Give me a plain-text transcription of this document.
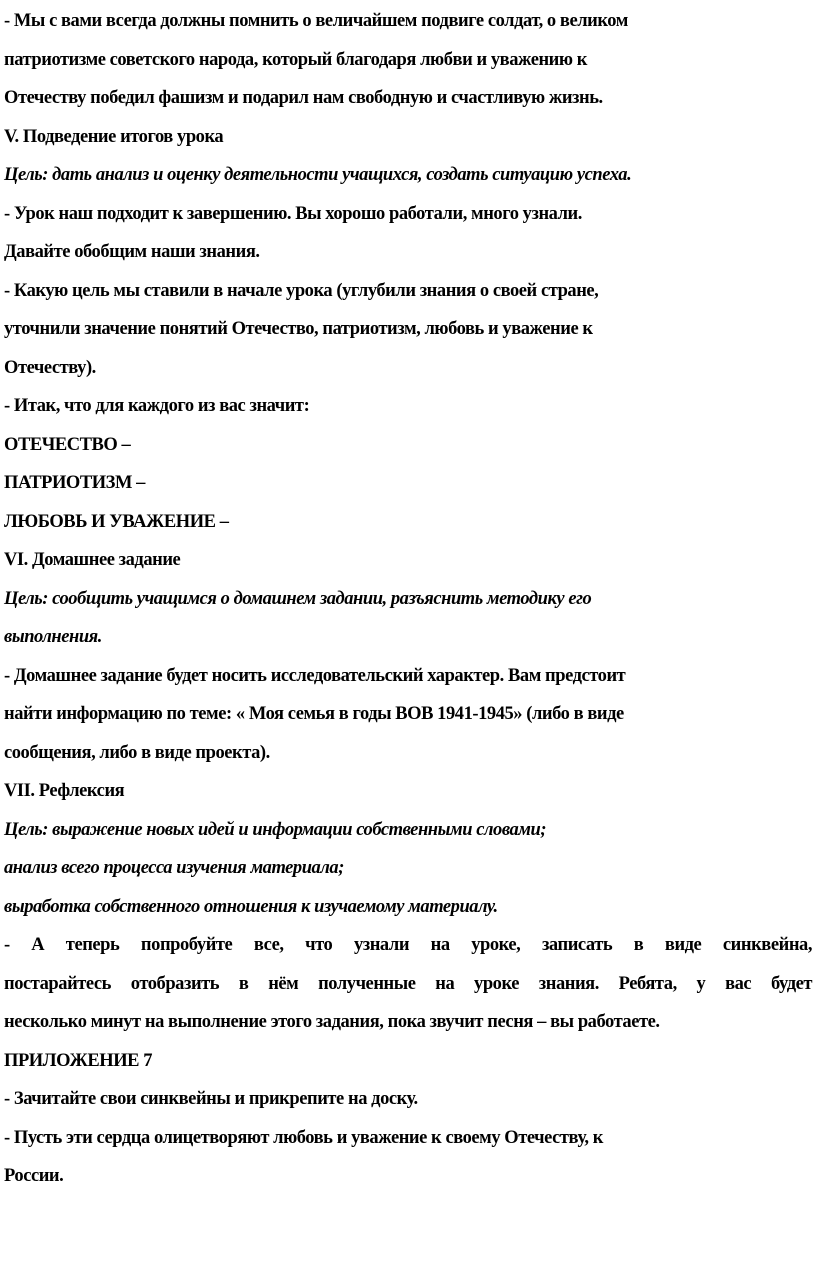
- Мы с вами всегда должны помнить о величайшем подвиге солдат, о великом
патриотизме советского народа, который благодаря любви и уважению к
Отечеству победил фашизм и подарил нам свободную и счастливую жизнь.
V. Подведение итогов урока
Цель: дать анализ и оценку деятельности учащихся, создать ситуацию успеха.
- Урок наш подходит к завершению. Вы хорошо работали, много узнали.
Давайте обобщим наши знания.
- Какую цель мы ставили в начале урока (углубили знания о своей стране,
уточнили значение понятий Отечество, патриотизм, любовь и уважение к
Отечеству).
- Итак, что для каждого из вас значит:
ОТЕЧЕСТВО –
ПАТРИОТИЗМ –
ЛЮБОВЬ И УВАЖЕНИЕ –
VI. Домашнее задание
Цель: сообщить учащимся о домашнем задании, разъяснить методику его
выполнения.
- Домашнее задание будет носить исследовательский характер. Вам предстоит
найти информацию по теме: « Моя семья в годы ВОВ 1941-1945» (либо в виде
сообщения, либо в виде проекта).
VII. Рефлексия
Цель: выражение новых идей и информации собственными словами;
анализ всего процесса изучения материала;
выработка собственного отношения к изучаемому материалу.
- А теперь попробуйте все, что узнали на уроке, записать в виде синквейна,
постарайтесь отобразить в нём полученные на уроке знания. Ребята, у вас будет
несколько минут на выполнение этого задания, пока звучит песня – вы работаете.
ПРИЛОЖЕНИЕ 7
- Зачитайте свои синквейны и прикрепите на доску.
- Пусть эти сердца олицетворяют любовь и уважение к своему Отечеству, к
России.
